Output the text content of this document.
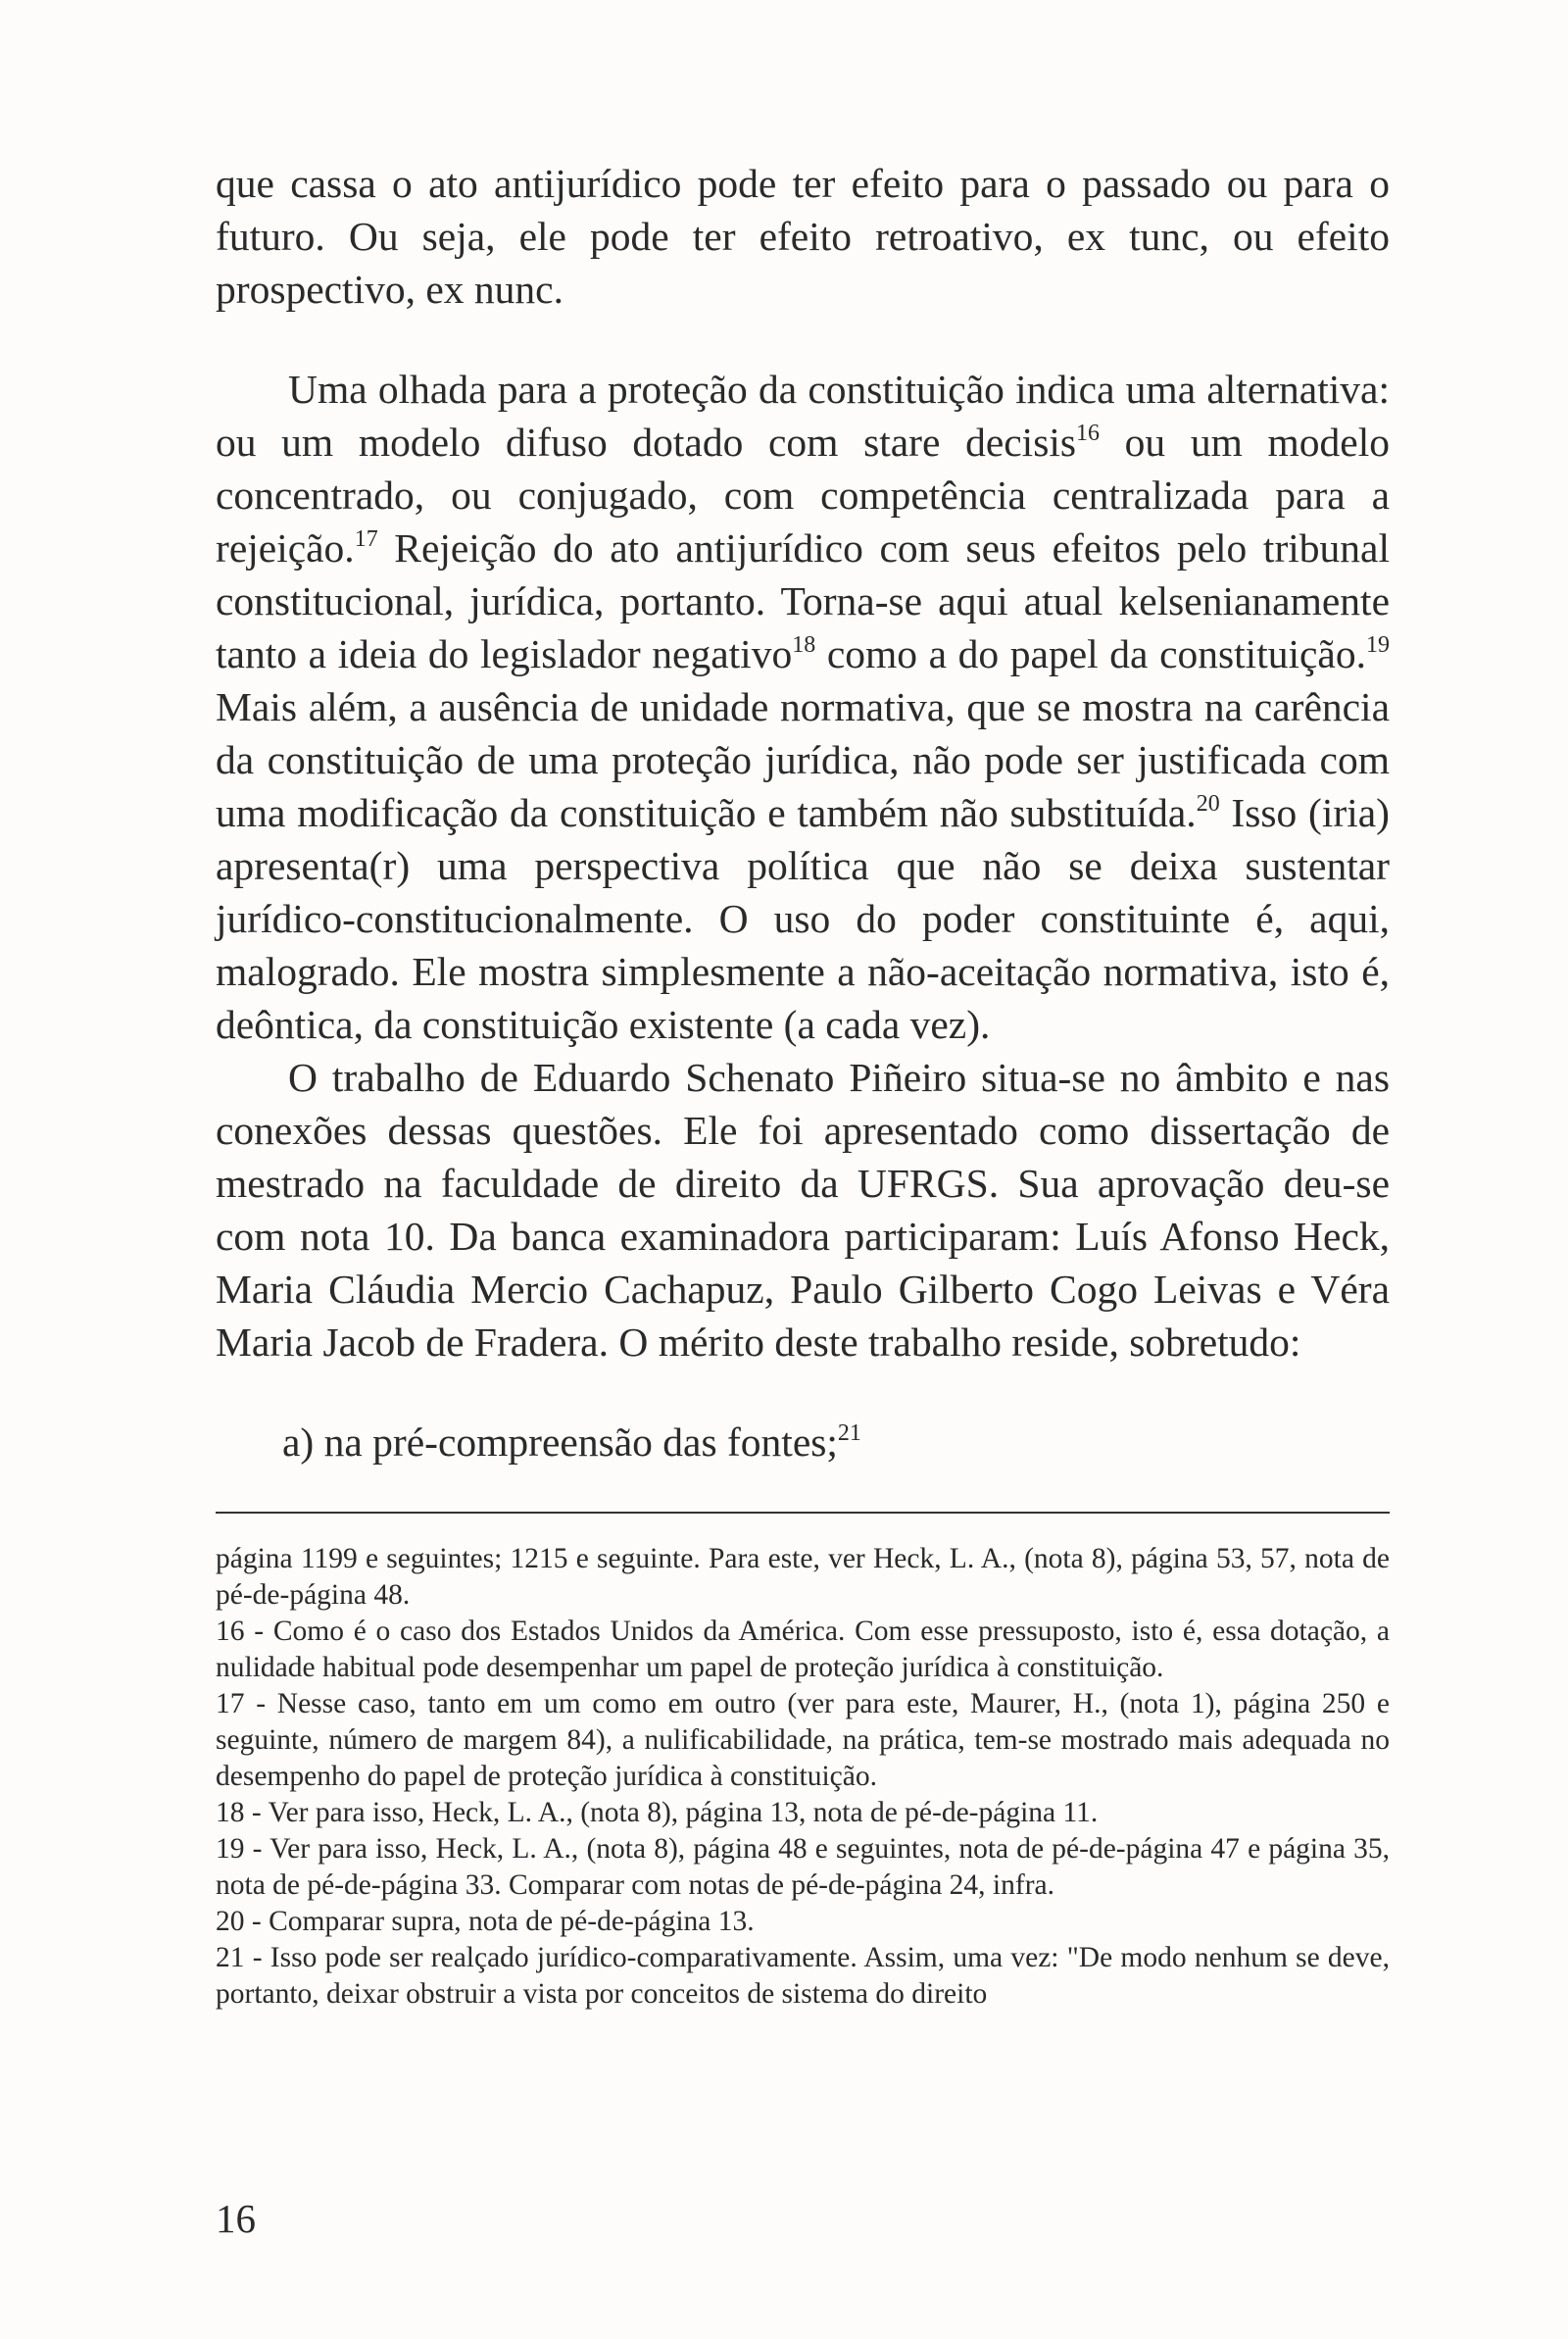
que cassa o ato antijurídico pode ter efeito para o passado ou para o futuro. Ou seja, ele pode ter efeito retroativo, ex tunc, ou efeito prospectivo, ex nunc.

Uma olhada para a proteção da constituição indica uma alternativa: ou um modelo difuso dotado com stare decisis$^{16}$ ou um modelo concentrado, ou conjugado, com competência centralizada para a rejeição.$^{17}$ Rejeição do ato antijurídico com seus efeitos pelo tribunal constitucional, jurídica, portanto. Torna-se aqui atual kelsenianamente tanto a ideia do legislador negativo$^{18}$ como a do papel da constituição.$^{19}$ Mais além, a ausência de unidade normativa, que se mostra na carência da constituição de uma proteção jurídica, não pode ser justificada com uma modificação da constituição e também não substituída.$^{20}$ Isso (iria) apresenta(r) uma perspectiva política que não se deixa sustentar jurídico-constitucionalmente. O uso do poder constituinte é, aqui, malogrado. Ele mostra simplesmente a não-aceitação normativa, isto é, deôntica, da constituição existente (a cada vez).

O trabalho de Eduardo Schenato Piñeiro situa-se no âmbito e nas conexões dessas questões. Ele foi apresentado como dissertação de mestrado na faculdade de direito da UFRGS. Sua aprovação deu-se com nota 10. Da banca examinadora participaram: Luís Afonso Heck, Maria Cláudia Mercio Cachapuz, Paulo Gilberto Cogo Leivas e Véra Maria Jacob de Fradera. O mérito deste trabalho reside, sobretudo:

a) na pré-compreensão das fontes;$^{21}$

página 1199 e seguintes; 1215 e seguinte. Para este, ver Heck, L. A., (nota 8), página 53, 57, nota de pé-de-página 48.

16 - Como é o caso dos Estados Unidos da América. Com esse pressuposto, isto é, essa dotação, a nulidade habitual pode desempenhar um papel de proteção jurídica à constituição.

17 - Nesse caso, tanto em um como em outro (ver para este, Maurer, H., (nota 1), página 250 e seguinte, número de margem 84), a nulificabilidade, na prática, tem-se mostrado mais adequada no desempenho do papel de proteção jurídica à constituição.

18 - Ver para isso, Heck, L. A., (nota 8), página 13, nota de pé-de-página 11.

19 - Ver para isso, Heck, L. A., (nota 8), página 48 e seguintes, nota de pé-de-página 47 e página 35, nota de pé-de-página 33. Comparar com notas de pé-de-página 24, infra.

20 - Comparar supra, nota de pé-de-página 13.

21 - Isso pode ser realçado jurídico-comparativamente. Assim, uma vez: "De modo nenhum se deve, portanto, deixar obstruir a vista por conceitos de sistema do direito

16
